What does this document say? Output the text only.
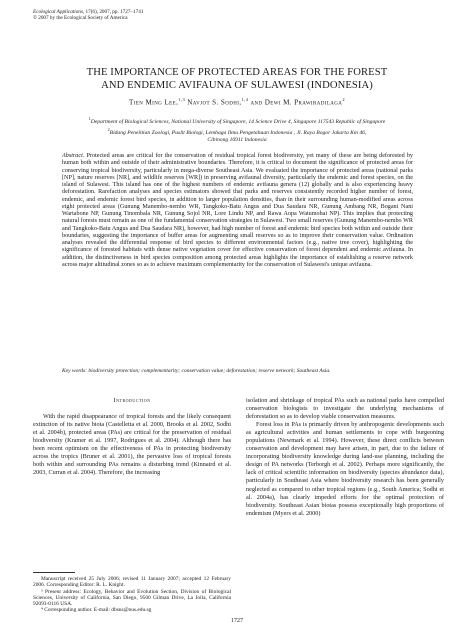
Ecological Applications, 17(6), 2007, pp. 1727–1741
© 2007 by the Ecological Society of America
THE IMPORTANCE OF PROTECTED AREAS FOR THE FOREST
AND ENDEMIC AVIFAUNA OF SULAWESI (INDONESIA)
Tien Ming Lee,$^{1,3}$ Navjot S. Sodhi,$^{1,4}$ and Dewi M. Prawiradilaga$^2$
$^1$Department of Biological Sciences, National University of Singapore, 14 Science Drive 4, Singapore 117543 Republic of Singapore
$^2$Bidang Penelitian Zoologi, Puslit Biologi, Lembaga Ilmu Pengetahuan Indonesia , Jl. Raya Bogor Jakarta Km 46,
Cibinong 16911 Indonesia
Abstract. Protected areas are critical for the conservation of residual tropical forest biodiversity, yet many of these are being deforested by human both within and outside of their administrative boundaries. Therefore, it is critical to document the significance of protected areas for conserving tropical biodiversity, particularly in mega-diverse Southeast Asia. We evaluated the importance of protected areas (national parks [NP], nature reserves [NR], and wildlife reserves [WR]) in preserving avifaunal diversity, particularly the endemic and forest species, on the island of Sulawesi. This island has one of the highest numbers of endemic avifauna genera (12) globally and is also experiencing heavy deforestation. Rarefaction analyses and species estimators showed that parks and reserves consistently recorded higher number of forest, endemic, and endemic forest bird species, in addition to larger population densities, than in their surrounding human-modified areas across eight protected areas (Gunung Manembo-nembo WR, Tangkoko-Batu Angus and Dua Saudara NR, Gunung Ambang NR, Bogani Nani Wartabone NP, Gunung Tinombala NR, Gunung Sojol NR, Lore Lindu NP, and Rawa Aopa Watumohai NP). This implies that protecting natural forests must remain as one of the fundamental conservation strategies in Sulawesi. Two small reserves (Gunung Manembo-nembo WR and Tangkoko-Batu Angus and Dua Saudara NR), however, had high number of forest and endemic bird species both within and outside their boundaries, suggesting the importance of buffer areas for augmenting small reserves so as to improve their conservation value. Ordination analyses revealed the differential response of bird species to different environmental factors (e.g., native tree cover), highlighting the significance of forested habitats with dense native vegetation cover for effective conservation of forest dependent and endemic avifauna. In addition, the distinctiveness in bird species composition among protected areas highlights the importance of establishing a reserve network across major altitudinal zones so as to achieve maximum complementarity for the conservation of Sulawesi's unique avifauna.
Key words: biodiversity protection; complementarity; conservation value; deforestation; reserve network; Southeast Asia.
Introduction

With the rapid disappearance of tropical forests and the likely consequent extinction of its native biota (Castelletta et al. 2000, Brooks et al. 2002, Sodhi et al. 2004b), protected areas (PAs) are critical for the preservation of residual biodiversity (Kramer et al. 1997, Rodrigues et al. 2004). Although there has been recent optimism on the effectiveness of PAs in protecting biodiversity across the tropics (Bruner et al. 2001), the pervasive loss of tropical forests both within and surrounding PAs remains a disturbing trend (Kinnaird et al. 2003, Curran et al. 2004). Therefore, the increasing

Manuscript received 25 July 2006; revised 11 January 2007; accepted 12 February 2006. Corresponding Editor: R. L. Knight.

³ Present address: Ecology, Behavior and Evolution Section, Division of Biological Sciences, University of California, San Diego, 9500 Gilman Drive, La Jolla, California 92093-0116 USA.

⁴ Corresponding author. E-mail: dbsns@nus.edu.sg

isolation and shrinkage of tropical PAs such as national parks have compelled conservation biologists to investigate the underlying mechanisms of deforestation so as to develop viable conservation measures.

Forest loss in PAs is primarily driven by anthropogenic developments such as agricultural activities and human settlements to cope with burgeoning populations (Newmark et al. 1994). However, these direct conflicts between conservation and development may have arisen, in part, due to the failure of incorporating biodiversity knowledge during land-use planning, including the design of PA networks (Terborgh et al. 2002). Perhaps more significantly, the lack of critical scientific information on biodiversity (species abundance data), particularly in Southeast Asia where biodiversity research has been generally neglected as compared to other tropical regions (e.g., South America; Sodhi et al. 2004a), has clearly impeded efforts for the optimal protection of biodiversity. Southeast Asian biotas possess exceptionally high proportions of endemism (Myers et al. 2000)

1727
